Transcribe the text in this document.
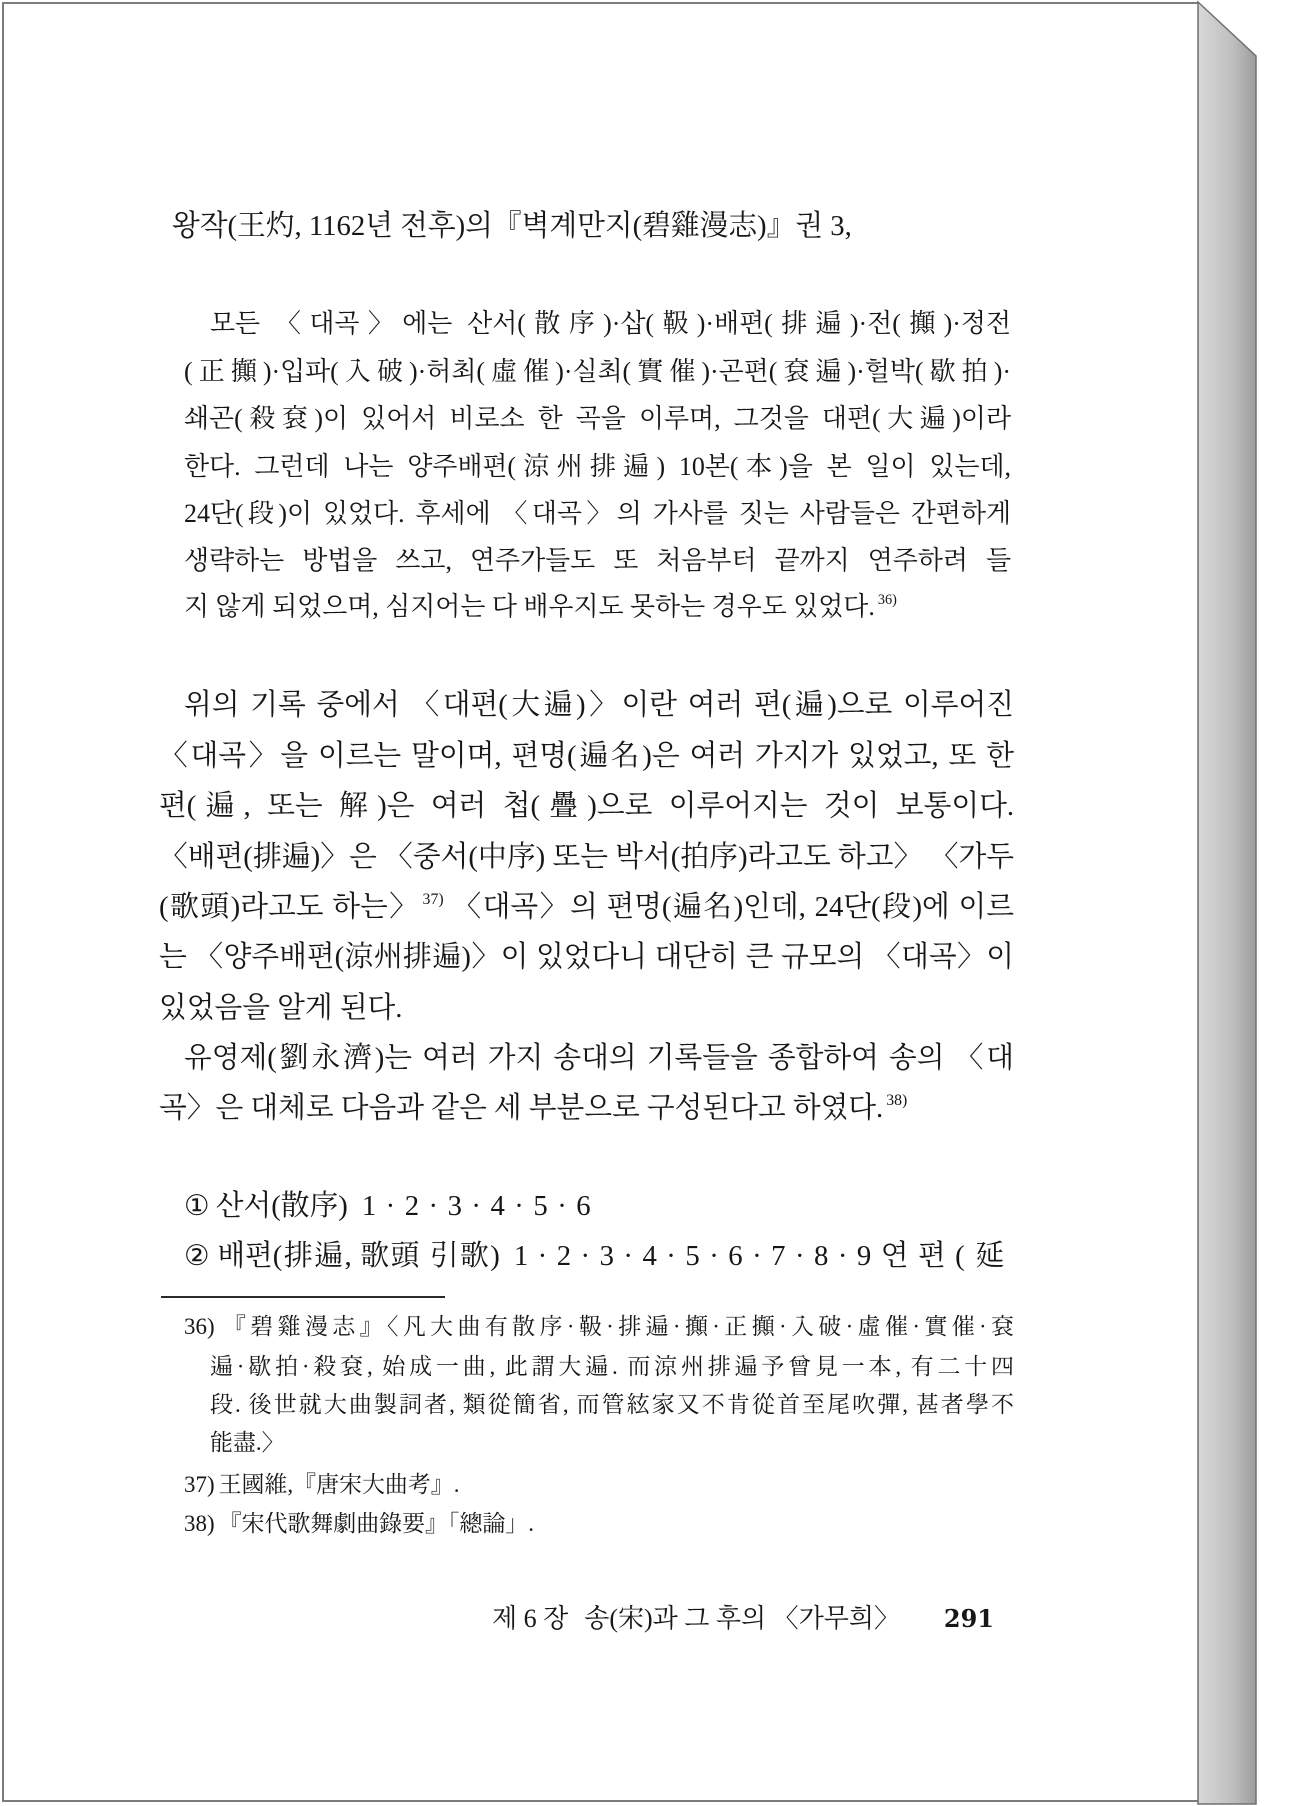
왕작(王灼, 1162년 전후)의『벽계만지(碧雞漫志)』권 3,
모든 〈대곡〉에는 산서(散序)·삽(靸)·배편(排遍)·전(攧)·정전
(正攧)·입파(入破)·허최(虛催)·실최(實催)·곤편(袞遍)·헐박(歇拍)·
쇄곤(殺袞)이 있어서 비로소 한 곡을 이루며, 그것을 대편(大遍)이라
한다. 그런데 나는 양주배편(涼州排遍) 10본(本)을 본 일이 있는데,
24단(段)이 있었다. 후세에 〈대곡〉의 가사를 짓는 사람들은 간편하게
생략하는 방법을 쓰고, 연주가들도 또 처음부터 끝까지 연주하려 들
지 않게 되었으며, 심지어는 다 배우지도 못하는 경우도 있었다. $^{36)}$
위의 기록 중에서 〈대편(大遍)〉이란 여러 편(遍)으로 이루어진
〈대곡〉을 이르는 말이며, 편명(遍名)은 여러 가지가 있었고, 또 한
편(遍, 또는 解)은 여러 첩(疊)으로 이루어지는 것이 보통이다.
〈배편(排遍)〉은 〈중서(中序) 또는 박서(拍序)라고도 하고〉 〈가두
(歌頭)라고도 하는〉 $^{37)}$ 〈대곡〉의 편명(遍名)인데, 24단(段)에 이르
는 〈양주배편(涼州排遍)〉이 있었다니 대단히 큰 규모의 〈대곡〉이
있었음을 알게 된다.
유영제(劉永濟)는 여러 가지 송대의 기록들을 종합하여 송의 〈대
곡〉은 대체로 다음과 같은 세 부분으로 구성된다고 하였다. $^{38)}$
① 산서(散序) 1·2·3·4·5·6
② 배편(排遍, 歌頭 引歌) 1·2·3·4·5·6·7·8·9연편(延
36) 『碧雞漫志』〈凡大曲有散序·靸·排遍·攧·正攧·入破·虛催·實催·袞
遍·歇拍·殺袞, 始成一曲, 此謂大遍. 而涼州排遍予曾見一本, 有二十四
段. 後世就大曲製詞者, 類從簡省, 而管絃家又不肯從首至尾吹彈, 甚者學不
能盡.〉
37) 王國維,『唐宋大曲考』.
38) 『宋代歌舞劇曲錄要』「總論」.
제 6 장 송(宋)과 그 후의 〈가무희〉 291
